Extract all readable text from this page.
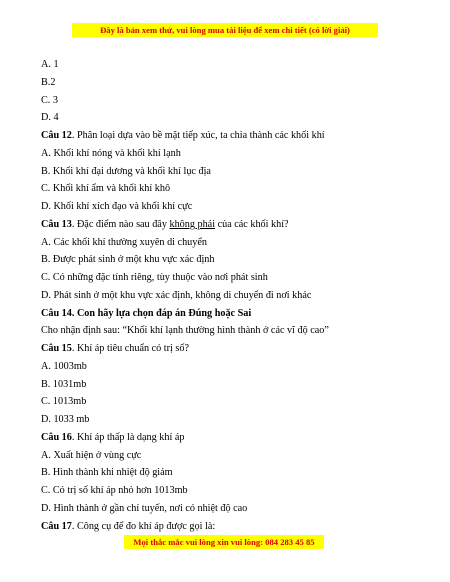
Đây là bản xem thử, vui lòng mua tài liệu để xem chi tiết (có lời giải)
A. 1
B.2
C. 3
D. 4
Câu 12. Phân loại dựa vào bề mặt tiếp xúc, ta chia thành các khối khí
A. Khối khí nóng và khối khí lạnh
B. Khối khí đại dương và khối khí lục địa
C. Khối khí ẩm và khối khí khô
D. Khối khí xích đạo và khối khí cực
Câu 13. Đặc điểm nào sau đây không phải của các khối khí?
A. Các khối khí thường xuyên di chuyển
B. Được phát sinh ở một khu vực xác định
C. Có những đặc tính riêng, tùy thuộc vào nơi phát sinh
D. Phát sinh ở một khu vực xác định, không di chuyển đi nơi khác
Câu 14. Con hãy lựa chọn đáp án Đúng hoặc Sai
Cho nhận định sau: “Khối khí lạnh thường hình thành ở các vĩ độ cao”
Câu 15. Khí áp tiêu chuẩn có trị số?
A. 1003mb
B. 1031mb
C. 1013mb
D. 1033 mb
Câu 16. Khí áp thấp là dạng khí áp
A. Xuất hiện ở vùng cực
B. Hình thành khi nhiệt độ giảm
C. Có trị số khí áp nhỏ hơn 1013mb
D. Hình thành ở gần chí tuyến, nơi có nhiệt độ cao
Câu 17. Công cụ để đo khí áp được gọi là:
Mọi thắc mắc vui lòng xin vui lòng: 084 283 45 85
